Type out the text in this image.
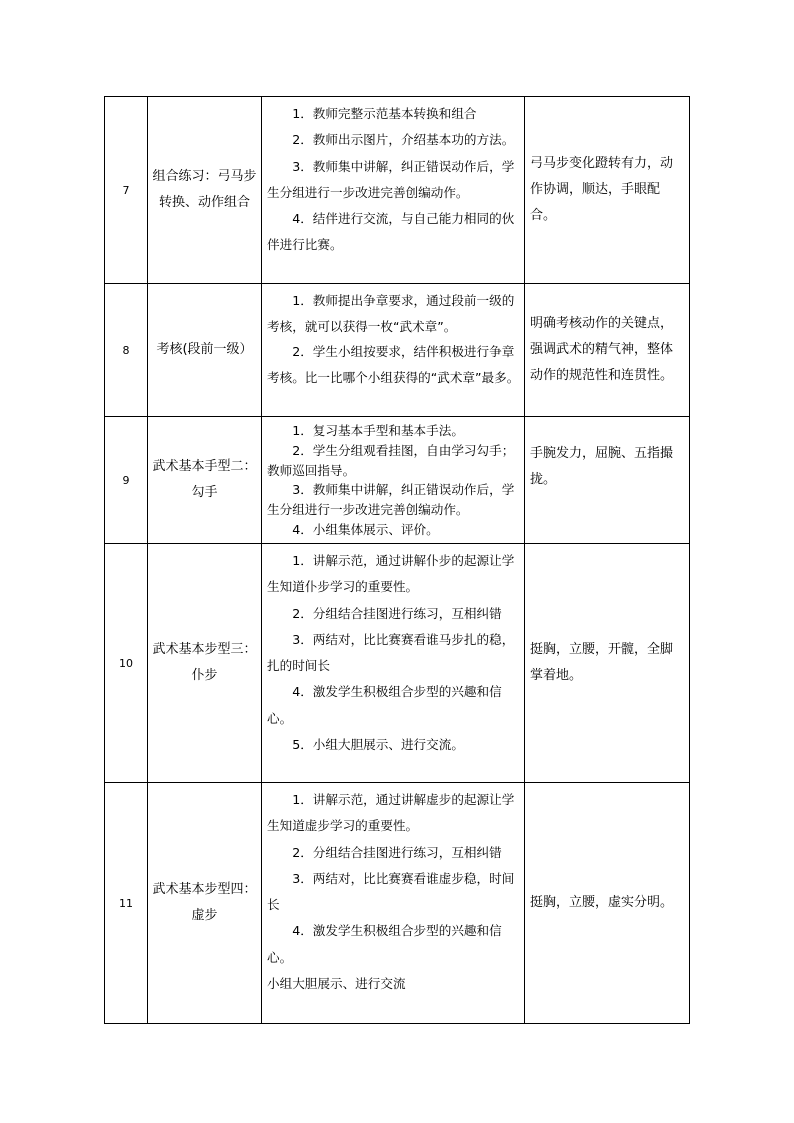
7	组合练习：弓马步转换、动作组合	1．教师完整示范基本转换和组合

2．教师出示图片，介绍基本功的方法。

3．教师集中讲解，纠正错误动作后，学生分组进行一步改进完善创编动作。

4．结伴进行交流，与自己能力相同的伙伴进行比赛。	弓马步变化蹬转有力，动作协调，顺达，手眼配合。
8	考核(段前一级）	1．教师提出争章要求，通过段前一级的考核，就可以获得一枚“武术章”。

2．学生小组按要求，结伴积极进行争章考核。比一比哪个小组获得的“武术章”最多。	明确考核动作的关键点，强调武术的精气神，整体动作的规范性和连贯性。
9	武术基本手型二：勾手	1．复习基本手型和基本手法。

2．学生分组观看挂图，自由学习勾手；教师巡回指导。

3．教师集中讲解，纠正错误动作后，学生分组进行一步改进完善创编动作。

4．小组集体展示、评价。	手腕发力，屈腕、五指撮拢。
10	武术基本步型三：仆步	1．讲解示范，通过讲解仆步的起源让学生知道仆步学习的重要性。

2．分组结合挂图进行练习，互相纠错

3．两结对，比比赛赛看谁马步扎的稳，扎的时间长

4．激发学生积极组合步型的兴趣和信心。

5．小组大胆展示、进行交流。	挺胸，立腰，开髋，全脚掌着地。
11	武术基本步型四：虚步	1．讲解示范，通过讲解虚步的起源让学生知道虚步学习的重要性。

2．分组结合挂图进行练习，互相纠错

3．两结对，比比赛赛看谁虚步稳，时间长

4．激发学生积极组合步型的兴趣和信心。

小组大胆展示、进行交流	挺胸，立腰，虚实分明。
